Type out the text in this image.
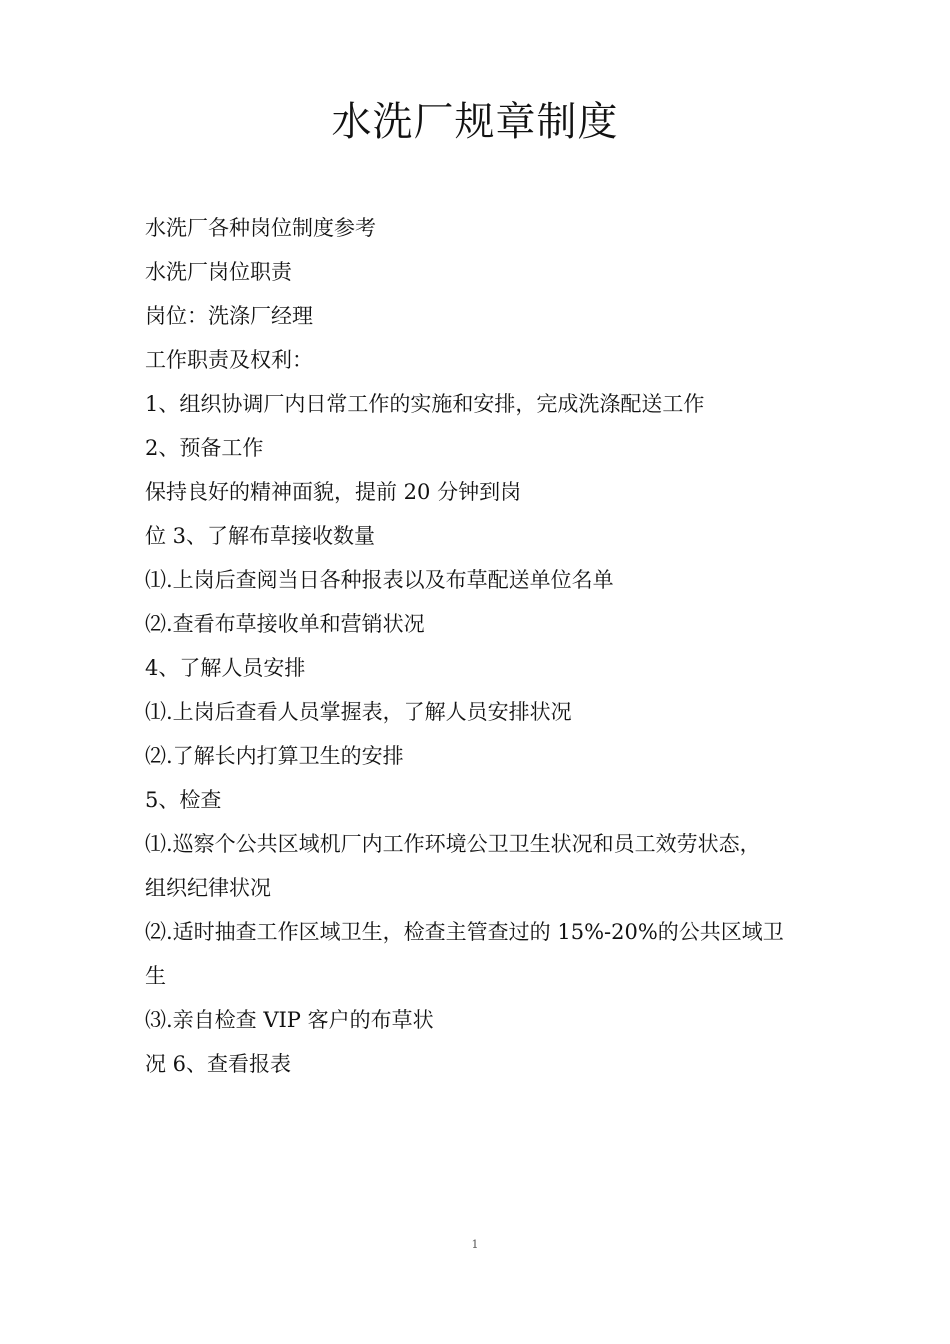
水洗厂规章制度

水洗厂各种岗位制度参考

水洗厂岗位职责

岗位：洗涤厂经理

工作职责及权利：

1、组织协调厂内日常工作的实施和安排，完成洗涤配送工作

2、预备工作

保持良好的精神面貌，提前 20 分钟到岗

位 3、了解布草接收数量

⑴.上岗后查阅当日各种报表以及布草配送单位名单

⑵.查看布草接收单和营销状况

4、了解人员安排

⑴.上岗后查看人员掌握表，了解人员安排状况

⑵.了解长内打算卫生的安排

5、检查

⑴.巡察个公共区域机厂内工作环境公卫卫生状况和员工效劳状态，

组织纪律状况

⑵.适时抽查工作区域卫生，检查主管查过的 15%-20%的公共区域卫

生

⑶.亲自检查 VIP 客户的布草状

况 6、查看报表

1
